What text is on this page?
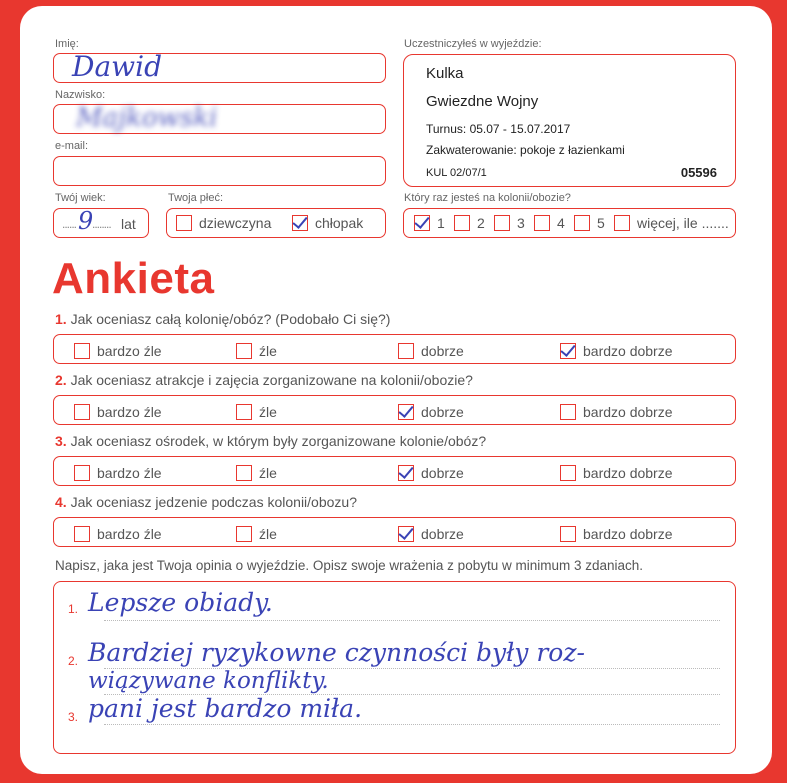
Imię:
Dawid
Nazwisko:
Majkowski
e-mail:
Twój wiek:
...... 9
........ lat
Twoja płeć:
dziewczyna	chłopak
Uczestniczyłeś w wyjeździe:
Kulka
Gwiezdne Wojny
Turnus: 05.07 - 15.07.2017
Zakwaterowanie: pokoje z łazienkami
KUL 02/07/1	05596
Który raz jesteś na kolonii/obozie?
1	2	3	4	5	więcej, ile .......
Ankieta
1. Jak oceniasz całą kolonię/obóz? (Podobało Ci się?)
bardzo źle	źle	dobrze	bardzo dobrze
2. Jak oceniasz atrakcje i zajęcia zorganizowane na kolonii/obozie?
bardzo źle	źle	dobrze	bardzo dobrze
3. Jak oceniasz ośrodek, w którym były zorganizowane kolonie/obóz?
bardzo źle	źle	dobrze	bardzo dobrze
4. Jak oceniasz jedzenie podczas kolonii/obozu?
bardzo źle	źle	dobrze	bardzo dobrze
Napisz, jaka jest Twoja opinia o wyjeździe. Opisz swoje wrażenia z pobytu w minimum 3 zdaniach.
1. Lepsze obiady.
2. Bardziej ryzykowne czynności były roz-
wiązywane konflikty.
3. pani jest bardzo miła.
